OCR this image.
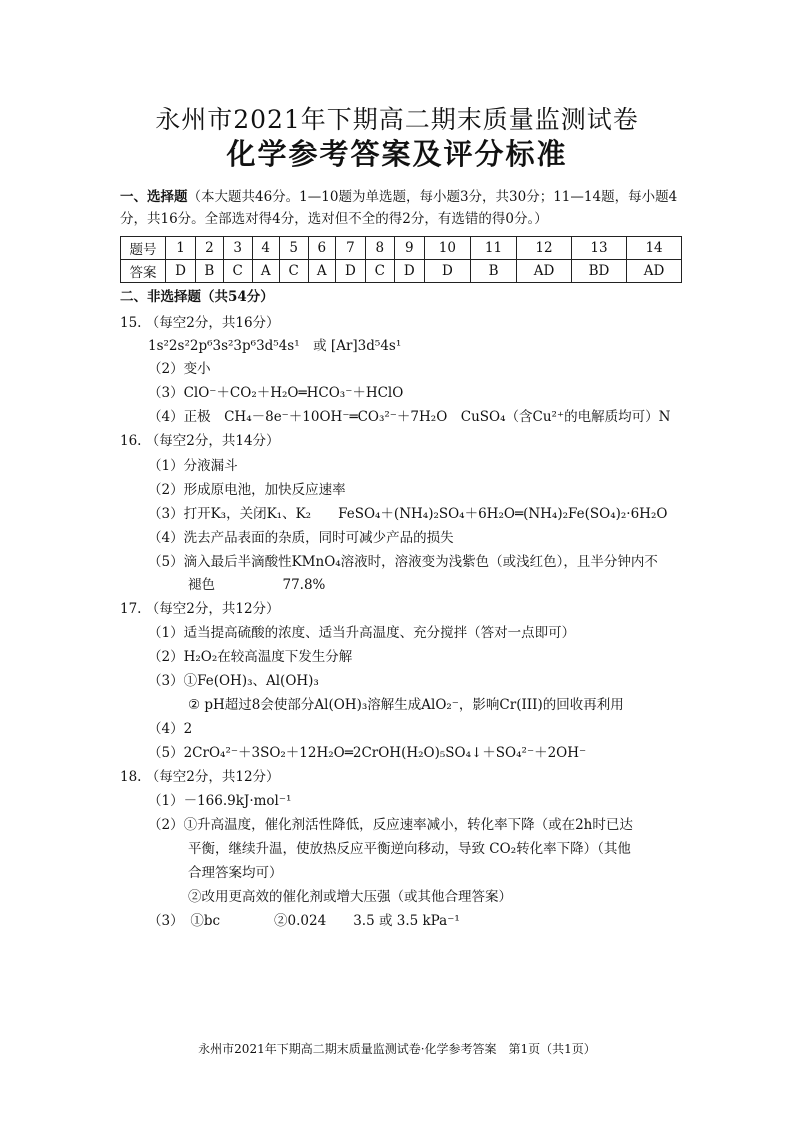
永州市2021年下期高二期末质量监测试卷
化学参考答案及评分标准
一、选择题（本大题共46分。1—10题为单选题，每小题3分，共30分；11—14题，每小题4分，共16分。全部选对得4分，选对但不全的得2分，有选错的得0分。）
题号	1	2	3	4	5	6	7	8	9	10	11	12	13	14
答案	D	B	C	A	C	A	D	C	D	D	B	AD	BD	AD
二、非选择题（共54分）
15. （每空2分，共16分）
1s²2s²2p⁶3s²3p⁶3d⁵4s¹　或 [Ar]3d⁵4s¹
（2）变小
（3）ClO⁻＋CO₂＋H₂O═HCO₃⁻＋HClO
（4）正极　CH₄－8e⁻＋10OH⁻═CO₃²⁻＋7H₂O　CuSO₄（含Cu²⁺的电解质均可）N
16. （每空2分，共14分）
（1）分液漏斗
（2）形成原电池，加快反应速率
（3）打开K₃，关闭K₁、K₂　　FeSO₄＋(NH₄)₂SO₄＋6H₂O═(NH₄)₂Fe(SO₄)₂·6H₂O
（4）洗去产品表面的杂质，同时可减少产品的损失
（5）滴入最后半滴酸性KMnO₄溶液时，溶液变为浅紫色（或浅红色），且半分钟内不
褪色　　　　　77.8%
17. （每空2分，共12分）
（1）适当提高硫酸的浓度、适当升高温度、充分搅拌（答对一点即可）
（2）H₂O₂在较高温度下发生分解
（3）①Fe(OH)₃、Al(OH)₃
② pH超过8会使部分Al(OH)₃溶解生成AlO₂⁻，影响Cr(III)的回收再利用
（4）2
（5）2CrO₄²⁻＋3SO₂＋12H₂O═2CrOH(H₂O)₅SO₄↓＋SO₄²⁻＋2OH⁻
18. （每空2分，共12分）
（1）－166.9kJ·mol⁻¹
（2）①升高温度，催化剂活性降低，反应速率减小，转化率下降（或在2h时已达
平衡，继续升温，使放热反应平衡逆向移动，导致 CO₂转化率下降）（其他
合理答案均可）
②改用更高效的催化剂或增大压强（或其他合理答案）
（3）　①bc　　　　②0.024　　3.5 或 3.5 kPa⁻¹
永州市2021年下期高二期末质量监测试卷·化学参考答案　第1页（共1页）
